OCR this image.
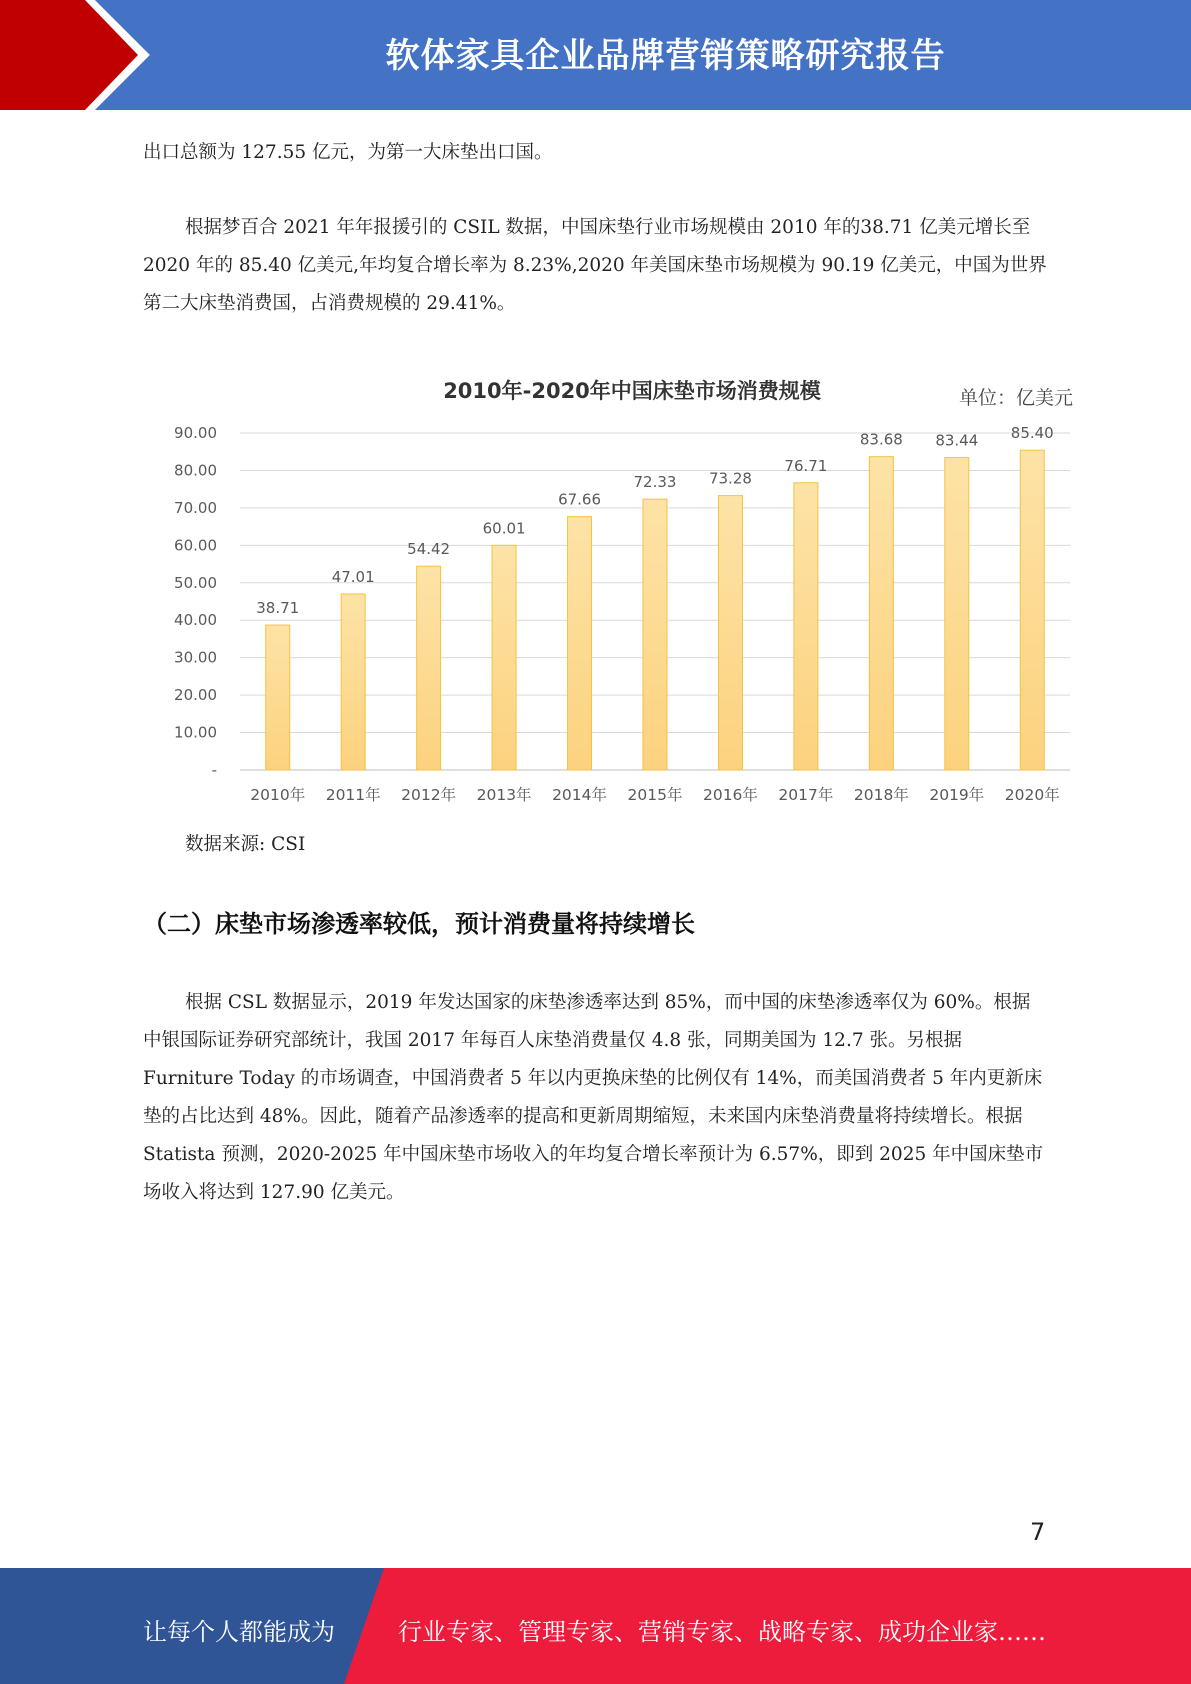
软体家具企业品牌营销策略研究报告

出口总额为 127.55 亿元，为第一大床垫出口国。

根据梦百合 2021 年年报援引的 CSIL 数据，中国床垫行业市场规模由 2010 年的38.71 亿美元增长至 2020 年的 85.40 亿美元,年均复合增长率为 8.23%,2020 年美国床垫市场规模为 90.19 亿美元，中国为世界第二大床垫消费国，占消费规模的 29.41%。

2010年-2020年中国床垫市场消费规模	单位：亿美元
-
10.00
20.00
30.00
40.00
50.00
60.00
70.00
80.00
90.00
38.71
47.01
54.42
60.01
67.66
72.33 73.28
76.71
83.68 83.44 85.40
2010年 2011年 2012年 2013年 2014年 2015年 2016年 2017年 2018年 2019年 2020年
数据来源: CSI
（二）床垫市场渗透率较低，预计消费量将持续增长

根据 CSL 数据显示，2019 年发达国家的床垫渗透率达到 85%，而中国的床垫渗透率仅为 60%。根据中银国际证券研究部统计，我国 2017 年每百人床垫消费量仅 4.8 张，同期美国为 12.7 张。另根据 Furniture Today 的市场调查，中国消费者 5 年以内更换床垫的比例仅有 14%，而美国消费者 5 年内更新床垫的占比达到 48%。因此，随着产品渗透率的提高和更新周期缩短，未来国内床垫消费量将持续增长。根据 Statista 预测，2020-2025 年中国床垫市场收入的年均复合增长率预计为 6.57%，即到 2025 年中国床垫市场收入将达到 127.90 亿美元。

7
让每个人都能成为	行业专家、管理专家、营销专家、战略专家、成功企业家……
